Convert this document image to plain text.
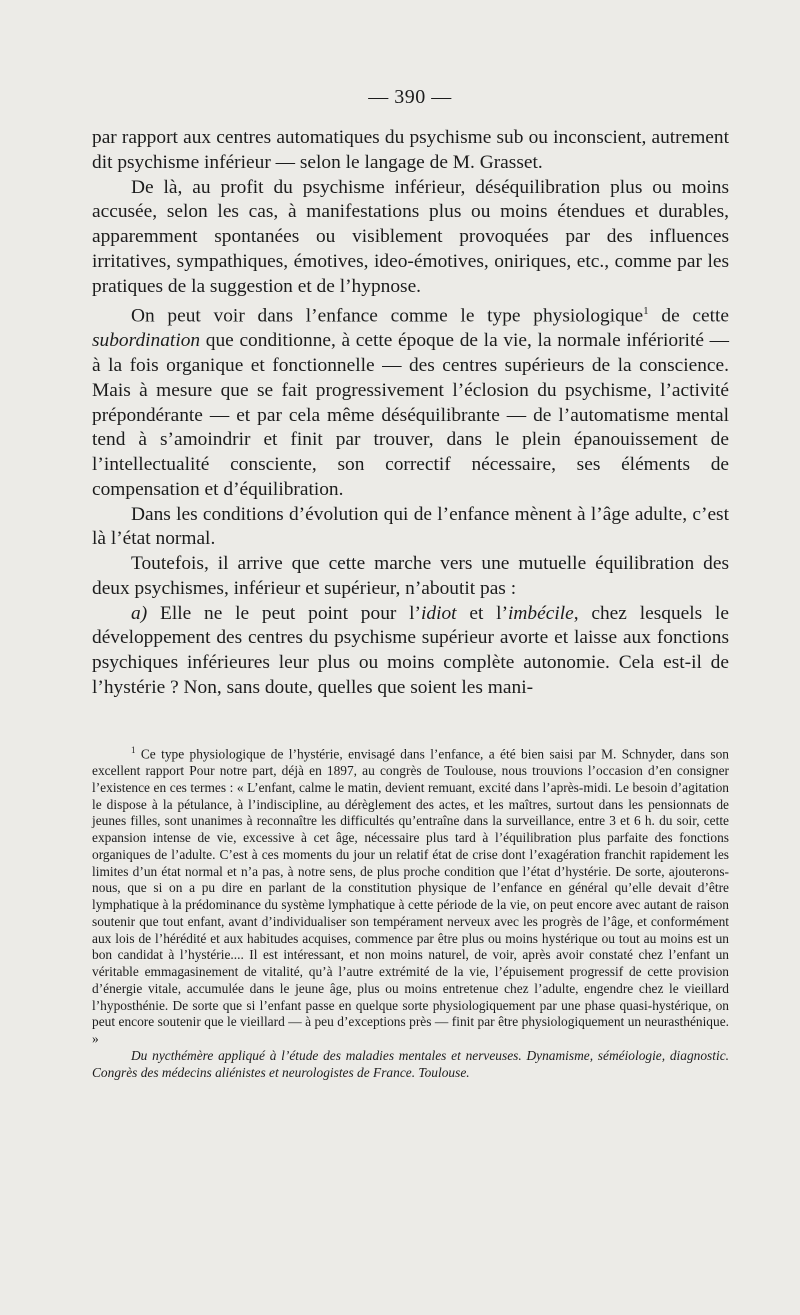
— 390 —

par rapport aux centres automatiques du psychisme sub ou inconscient, autrement dit psychisme inférieur — selon le langage de M. Grasset.

De là, au profit du psychisme inférieur, déséquilibration plus ou moins accusée, selon les cas, à manifestations plus ou moins étendues et durables, apparemment spontanées ou visiblement provoquées par des influences irritatives, sympathiques, émotives, ideo-émotives, oniriques, etc., comme par les pratiques de la suggestion et de l’hypnose.

On peut voir dans l’enfance comme le type physiologique$^1$ de cette subordination que conditionne, à cette époque de la vie, la normale infériorité — à la fois organique et fonctionnelle — des centres supérieurs de la conscience. Mais à mesure que se fait progressivement l’éclosion du psychisme, l’activité prépondérante — et par cela même déséquilibrante — de l’automatisme mental tend à s’amoindrir et finit par trouver, dans le plein épanouissement de l’intellectualité consciente, son correctif nécessaire, ses éléments de compensation et d’équilibration.

Dans les conditions d’évolution qui de l’enfance mènent à l’âge adulte, c’est là l’état normal.

Toutefois, il arrive que cette marche vers une mutuelle équilibration des deux psychismes, inférieur et supérieur, n’aboutit pas :

a) Elle ne le peut point pour l’idiot et l’imbécile, chez lesquels le développement des centres du psychisme supérieur avorte et laisse aux fonctions psychiques inférieures leur plus ou moins complète autonomie. Cela est-il de l’hystérie ? Non, sans doute, quelles que soient les mani-

$^1$ Ce type physiologique de l’hystérie, envisagé dans l’enfance, a été bien saisi par M. Schnyder, dans son excellent rapport Pour notre part, déjà en 1897, au congrès de Toulouse, nous trouvions l’occasion d’en consigner l’existence en ces termes : « L’enfant, calme le matin, devient remuant, excité dans l’après-midi. Le besoin d’agitation le dispose à la pétulance, à l’indiscipline, au dérèglement des actes, et les maîtres, surtout dans les pensionnats de jeunes filles, sont unanimes à reconnaître les difficultés qu’entraîne dans la surveillance, entre 3 et 6 h. du soir, cette expansion intense de vie, excessive à cet âge, nécessaire plus tard à l’équilibration plus parfaite des fonctions organiques de l’adulte. C’est à ces moments du jour un relatif état de crise dont l’exagération franchit rapidement les limites d’un état normal et n’a pas, à notre sens, de plus proche condition que l’état d’hystérie. De sorte, ajouterons-nous, que si on a pu dire en parlant de la constitution physique de l’enfance en général qu’elle devait d’être lymphatique à la prédominance du système lymphatique à cette période de la vie, on peut encore avec autant de raison soutenir que tout enfant, avant d’individualiser son tempérament nerveux avec les progrès de l’âge, et conformément aux lois de l’hérédité et aux habitudes acquises, commence par être plus ou moins hystérique ou tout au moins est un bon candidat à l’hystérie.... Il est intéressant, et non moins naturel, de voir, après avoir constaté chez l’enfant un véritable emmagasinement de vitalité, qu’à l’autre extrémité de la vie, l’épuisement progressif de cette provision d’énergie vitale, accumulée dans le jeune âge, plus ou moins entretenue chez l’adulte, engendre chez le vieillard l’hyposthénie. De sorte que si l’enfant passe en quelque sorte physiologiquement par une phase quasi-hystérique, on peut encore soutenir que le vieillard — à peu d’exceptions près — finit par être physiologiquement un neurasthénique. »

Du nycthémère appliqué à l’étude des maladies mentales et nerveuses. Dynamisme, séméiologie, diagnostic. Congrès des médecins aliénistes et neurologistes de France. Toulouse.
